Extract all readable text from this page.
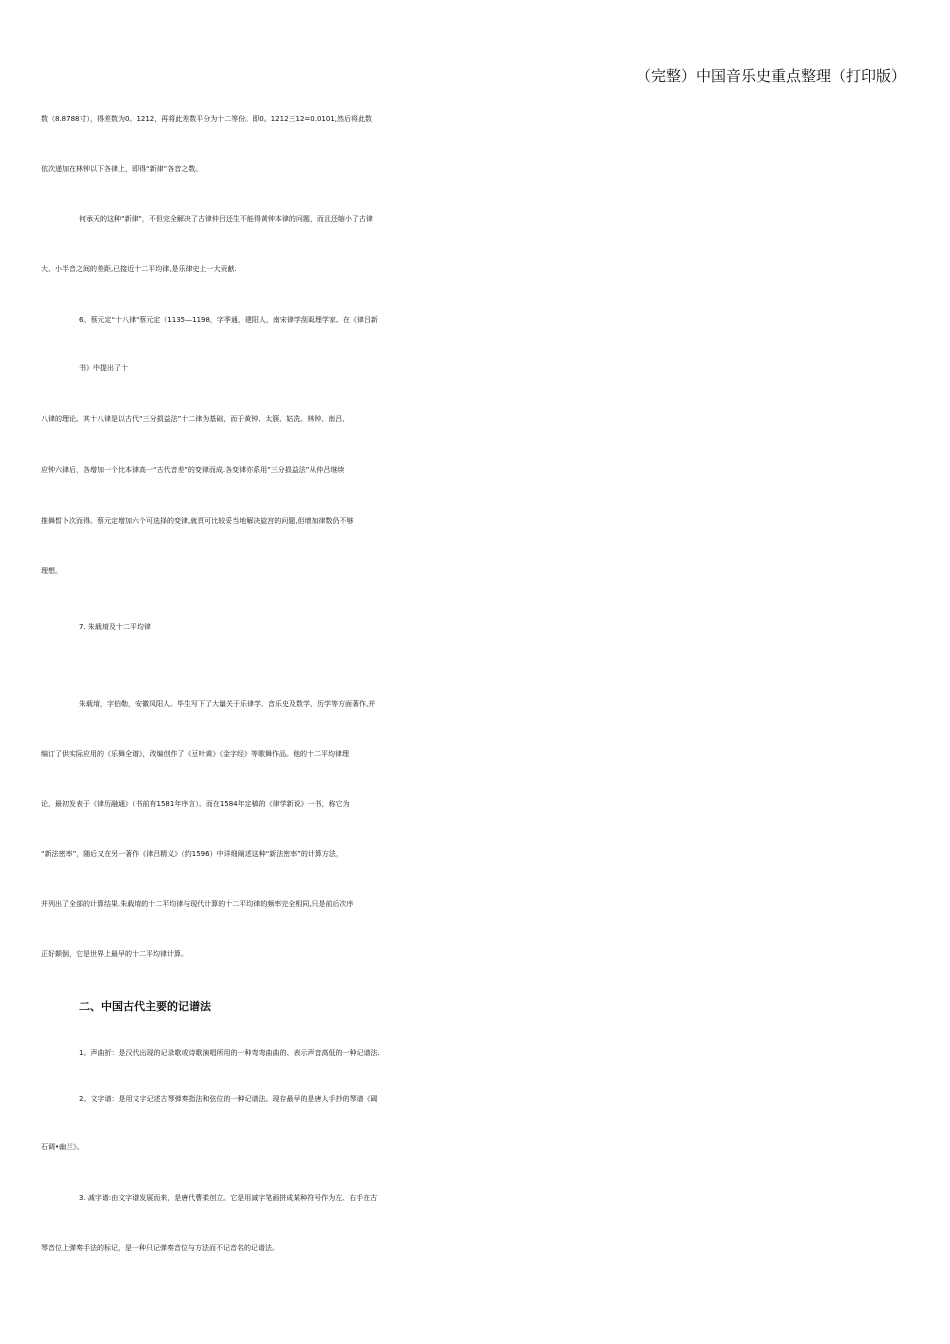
（完整）中国音乐史重点整理（打印版）
数（8.8788寸），得差数为0。1212，再将此差数平分为十二等份。即0。1212三12=0.0101,然后将此数
依次递加在林钟以下各律上，即得“新律”各音之数。
何承天的这种“新律"，不但完全解决了古律仲吕还生不能得黄钟本律的问题，而且还缩小了古律
大、小半音之间的差距,已接近十二平均律,是乐律史上一大贡献.
6。蔡元定“十八律"蔡元定（1135—1198，字季通，建阳人，南宋律学刮虱理学家。在《律吕新
书》中提出了十
八律的理论。其十八律是以古代“三分损益法”十二律为基础，而于黄钟、太簇、姑冼、林钟、南吕、
应钟六律后，各增加一个比本律高一“古代音差"的变律而成.各变律亦系用“三分损益法”从仲吕继续
推舞晳卜次而得。蔡元定增加六个可选择的变律,就頁可比较妥当地解决旋宫的问题,但增加律数仍不够
理想。
7. 朱载堉及十二平均律
朱载堉，字伯勒，安徽凤阳人。毕生写下了大量关于乐律学、音乐史及数学、历学等方面著作,并
编订了供实际应用的《乐舞全谱》，改编创作了《豆叶黄》《金字经》等歌舞作品。他的十二平均律理
论，最初发表于《律历融通》（书前有1581年序言）。而在1584年定稿的《律学新说》一书，称它为
“新法密率”，随后又在另一著作《律吕精义》（约1596）中详细阐述这种“新法密率”的计算方法，
并列出了全部的计算结果.朱载堉的十二平均律与现代计算的十二平均律的频率完全相同,只是前后次序
正好颠倒，它是世界上最早的十二平均律计算。
二、中国古代主要的记谱法
1。声曲折：是汉代出现的记录歌或诗歌演唱所用的一种弯弯曲曲的、表示声音高低的一种记谱法.
2。文字谱：是用文字记述古琴弹奏指法和弦位的一种记谱法。现存最早的是唐人手抄的琴谱《碣
石调•幽兰》。
3. 减字谱:由文字谱发展而来，是唐代曹柔创立。它是用减字笔画拼成某种符号作为左、右手在古
琴音位上弹奏手法的标记，是一种只记弹奏音位与方法而不记音名的记谱法。
